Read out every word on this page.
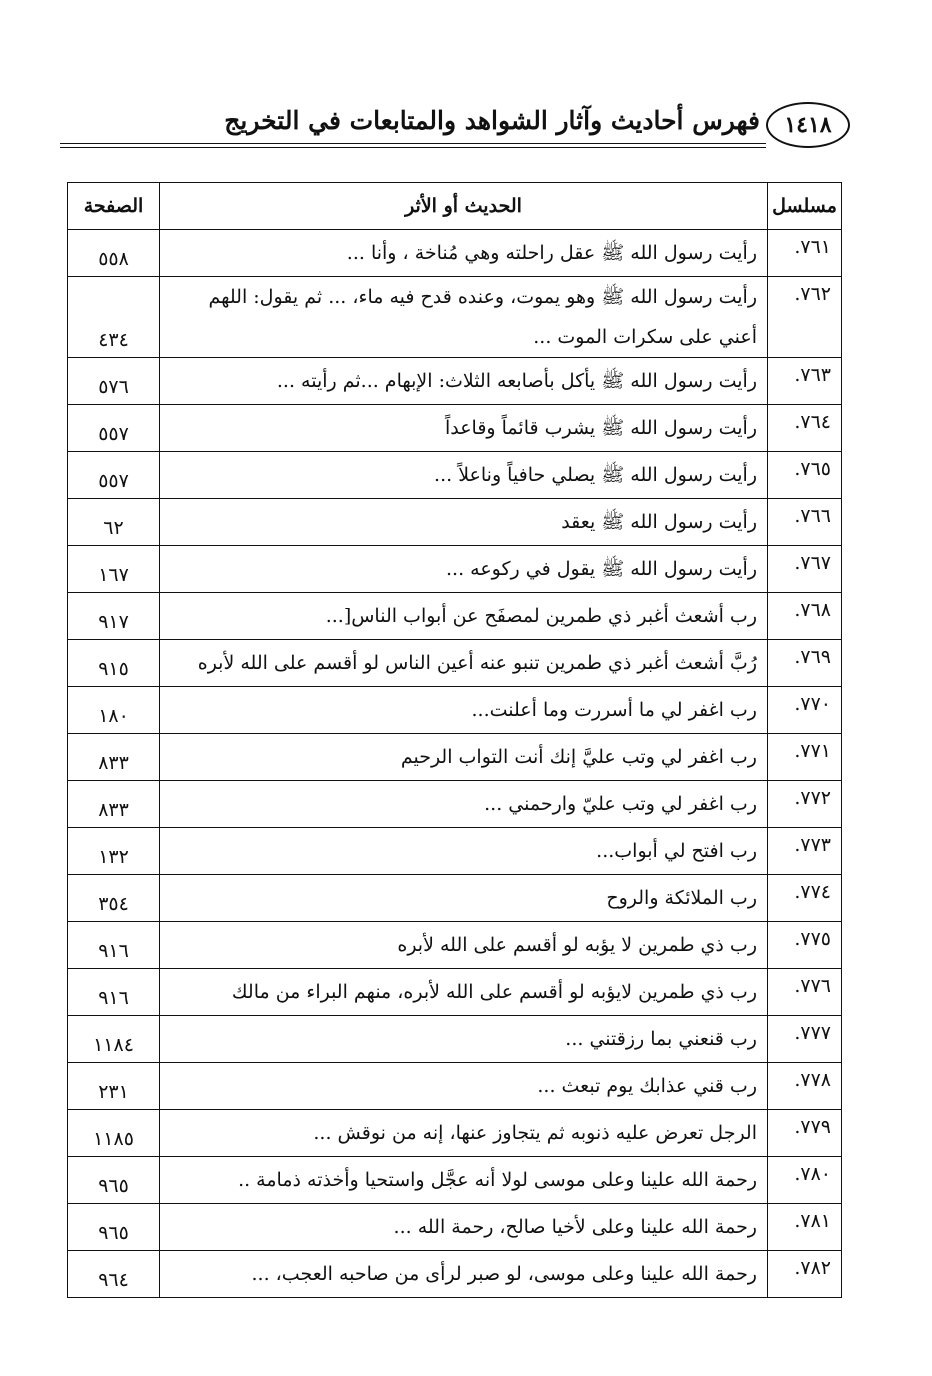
١٤١٨
فهرس أحاديث وآثار الشواهد والمتابعات في التخريج
مسلسل	الحديث أو الأثر	الصفحة
٧٦١.	رأيت رسول الله ﷺ عقل راحلته وهي مُناخة ، وأنا ...	٥٥٨
٧٦٢.	رأيت رسول الله ﷺ وهو يموت، وعنده قدح فيه ماء، ... ثم يقول: اللهم
أعني على سكرات الموت ...	٤٣٤
٧٦٣.	رأيت رسول الله ﷺ يأكل بأصابعه الثلاث: الإبهام ...ثم رأيته ...	٥٧٦
٧٦٤.	رأيت رسول الله ﷺ يشرب قائماً وقاعداً	٥٥٧
٧٦٥.	رأيت رسول الله ﷺ يصلي حافياً وناعلاً ...	٥٥٧
٧٦٦.	رأيت رسول الله ﷺ يعقد	٦٢
٧٦٧.	رأيت رسول الله ﷺ يقول في ركوعه ...	١٦٧
٧٦٨.	رب أشعث أغبر ذي طمرين لمصفَح عن أبواب الناس[...	٩١٧
٧٦٩.	رُبَّ أشعث أغبر ذي طمرين تنبو عنه أعين الناس لو أقسم على الله لأبره	٩١٥
٧٧٠.	رب اغفر لي ما أسررت وما أعلنت...	١٨٠
٧٧١.	رب اغفر لي وتب عليَّ إنك أنت التواب الرحيم	٨٣٣
٧٧٢.	رب اغفر لي وتب عليّ وارحمني ...	٨٣٣
٧٧٣.	رب افتح لي أبواب...	١٣٢
٧٧٤.	رب الملائكة والروح	٣٥٤
٧٧٥.	رب ذي طمرين لا يؤبه لو أقسم على الله لأبره	٩١٦
٧٧٦.	رب ذي طمرين لايؤبه لو أقسم على الله لأبره، منهم البراء من مالك	٩١٦
٧٧٧.	رب قنعني بما رزقتني ...	١١٨٤
٧٧٨.	رب قني عذابك يوم تبعث ...	٢٣١
٧٧٩.	الرجل تعرض عليه ذنوبه ثم يتجاوز عنها، إنه من نوقش ...	١١٨٥
٧٨٠.	رحمة الله علينا وعلى موسى لولا أنه عجَّل واستحيا وأخذته ذمامة ..	٩٦٥
٧٨١.	رحمة الله علينا وعلى لأخيا صالح، رحمة الله ...	٩٦٥
٧٨٢.	رحمة الله علينا وعلى موسى، لو صبر لرأى من صاحبه العجب، ...	٩٦٤
